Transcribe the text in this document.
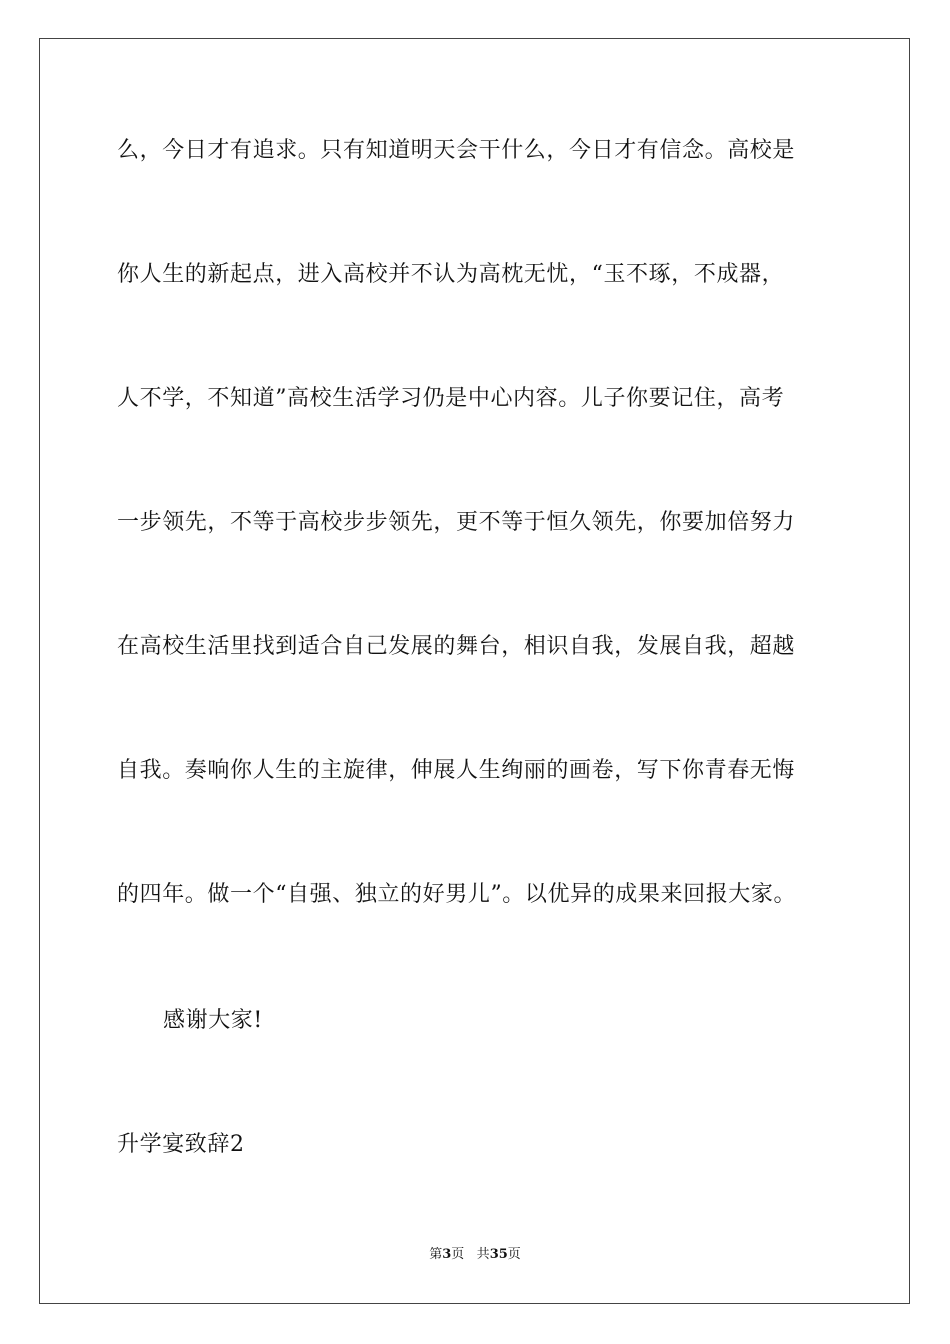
么，今日才有追求。只有知道明天会干什么，今日才有信念。高校是
你人生的新起点，进入高校并不认为高枕无忧，“玉不琢，不成器，
人不学，不知道”高校生活学习仍是中心内容。儿子你要记住，高考
一步领先，不等于高校步步领先，更不等于恒久领先，你要加倍努力
在高校生活里找到适合自己发展的舞台，相识自我，发展自我，超越
自我。奏响你人生的主旋律，伸展人生绚丽的画卷，写下你青春无悔
的四年。做一个“自强、独立的好男儿”。以优异的成果来回报大家。
感谢大家!
升学宴致辞2
第3页 共35页
